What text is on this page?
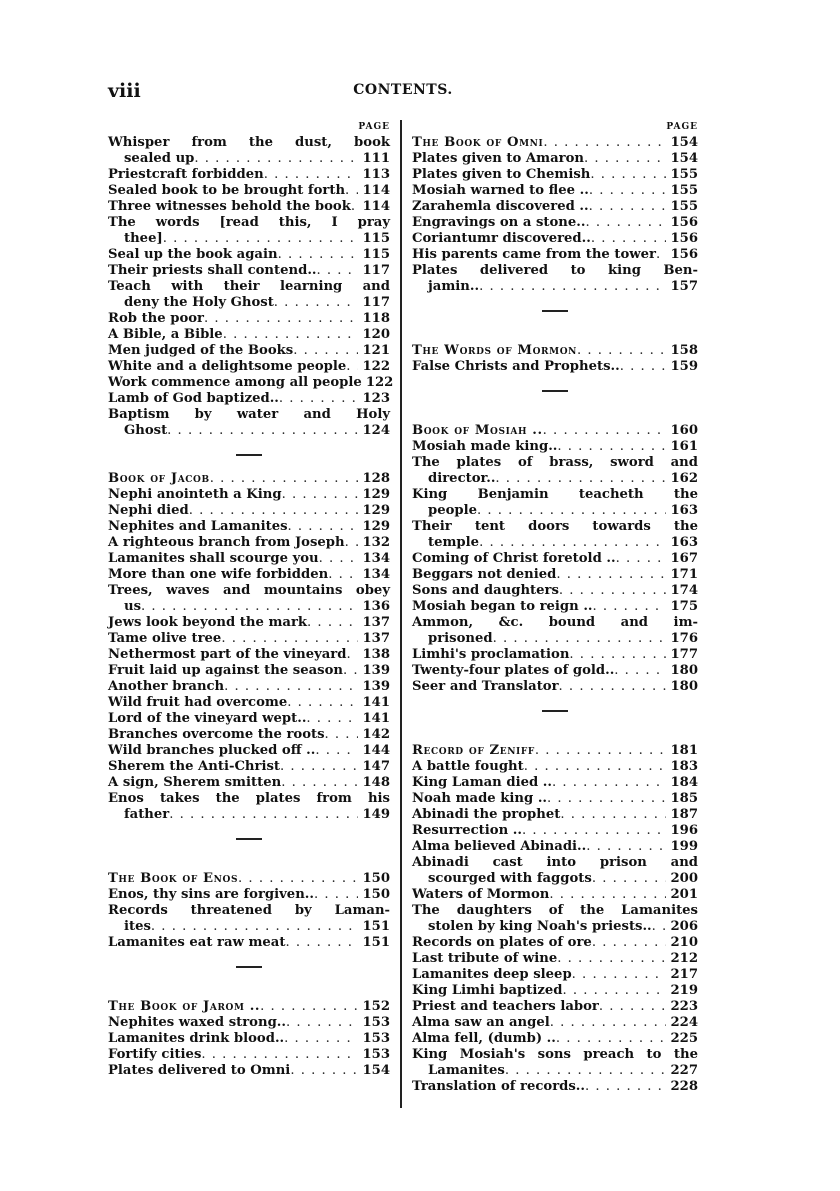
viii	CONTENTS.
PAGE
Whisper from the dust, book
sealed up . . .	111
Priestcraft forbidden . . .	113
Sealed book to be brought forth . . .	114
Three witnesses behold the book . . . 114
The words [read this, I pray
thee] . . .	115
Seal up the book again . . .	115
Their priests shall contend.. . . .	117
Teach with their learning and
deny the Holy Ghost . . .	117
Rob the poor . . .	118
A Bible, a Bible . . .	120
Men judged of the Books . . .	121
White and a delightsome people . . .	122
Work commence among all people 122
Lamb of God baptized.. . . .	123
Baptism by water and Holy
Ghost . . .	124
Book of Jacob . . .	128
Nephi anointeth a King . . .	129
Nephi died . . .	129
Nephites and Lamanites . . .	129
A righteous branch from Joseph . . .	132
Lamanites shall scourge you . . .	134
More than one wife forbidden . . .	134
Trees, waves and mountains obey
us . . .	136
Jews look beyond the mark . . .	137
Tame olive tree . . .	137
Nethermost part of the vineyard . . .	138
Fruit laid up against the season . . .	139
Another branch . . .	139
Wild fruit had overcome . . .	141
Lord of the vineyard wept.. . . .	141
Branches overcome the roots . . .	142
Wild branches plucked off .. . . .	144
Sherem the Anti-Christ . . .	147
A sign, Sherem smitten . . .	148
Enos takes the plates from his
father . . .	149
The Book of Enos . . .	150
Enos, thy sins are forgiven.. . . .	150
Records threatened by Laman-
ites . . .	151
Lamanites eat raw meat . . .	151
The Book of Jarom .. . . .	152
Nephites waxed strong.. . . .	153
Lamanites drink blood.. . . .	153
Fortify cities . . .	153
Plates delivered to Omni . . .	154
PAGE
The Book of Omni . . .	154
Plates given to Amaron . . .	154
Plates given to Chemish . . .	155
Mosiah warned to flee .. . . .	155
Zarahemla discovered .. . . .	155
Engravings on a stone.. . . .	156
Coriantumr discovered.. . . .	156
His parents came from the tower . . .	156
Plates delivered to king Ben-
jamin.. . . .	157
The Words of Mormon . . .	158
False Christs and Prophets.. . . .	159
Book of Mosiah .. . . .	160
Mosiah made king.. . . .	161
The plates of brass, sword and
director.. . . .	162
King Benjamin teacheth the
people . . .	163
Their tent doors towards the
temple . . .	163
Coming of Christ foretold .. . . .	167
Beggars not denied . . .	171
Sons and daughters . . .	174
Mosiah began to reign .. . . .	175
Ammon, &c. bound and im-
prisoned . . .	176
Limhi's proclamation . . .	177
Twenty-four plates of gold.. . . .	180
Seer and Translator . . .	180
Record of Zeniff . . .	181
A battle fought . . .	183
King Laman died .. . . .	184
Noah made king .. . . .	185
Abinadi the prophet . . .	187
Resurrection .. . . .	196
Alma believed Abinadi.. . . .	199
Abinadi cast into prison and
scourged with faggots . . .	200
Waters of Mormon . . .	201
The daughters of the Lamanites
stolen by king Noah's priests.. . . .	206
Records on plates of ore . . .	210
Last tribute of wine . . .	212
Lamanites deep sleep . . .	217
King Limhi baptized . . .	219
Priest and teachers labor . . .	223
Alma saw an angel . . .	224
Alma fell, (dumb) .. . . .	225
King Mosiah's sons preach to the
Lamanites . . .	227
Translation of records.. . . .	228
